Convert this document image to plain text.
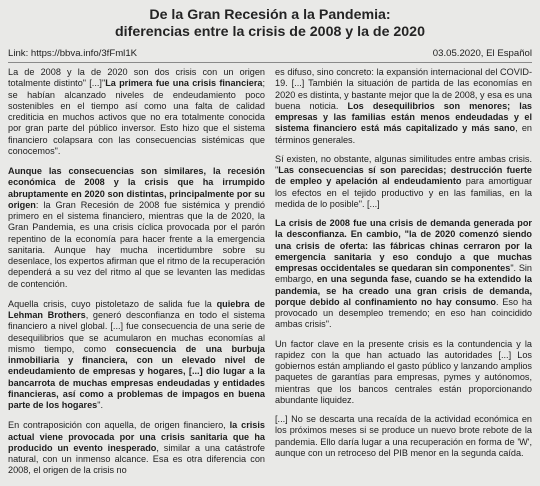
De la Gran Recesión a la Pandemia:
diferencias entre la crisis de 2008 y la de 2020
Link: https://bbva.info/3fFml1K	03.05.2020, El Español

La de 2008 y la de 2020 son dos crisis con un origen totalmente distinto" [...]"La primera fue una crisis financiera; se habían alcanzado niveles de endeudamiento poco sostenibles en el tiempo así como una falta de calidad crediticia en muchos activos que no era totalmente conocida por gran parte del público inversor. Esto hizo que el sistema financiero colapsara con las consecuencias sistémicas que conocemos".

Aunque las consecuencias son similares, la recesión económica de 2008 y la crisis que ha irrumpido abruptamente en 2020 son distintas, principalmente por su origen: la Gran Recesión de 2008 fue sistémica y prendió primero en el sistema financiero, mientras que la de 2020, la Gran Pandemia, es una crisis cíclica provocada por el parón repentino de la economía para hacer frente a la emergencia sanitaria. Aunque hay mucha incertidumbre sobre su desenlace, los expertos afirman que el ritmo de la recuperación dependerá a su vez del ritmo al que se levanten las medidas de contención.

Aquella crisis, cuyo pistoletazo de salida fue la quiebra de Lehman Brothers, generó desconfianza en todo el sistema financiero a nivel global. [...] fue consecuencia de una serie de desequilibrios que se acumularon en muchas economías al mismo tiempo, como consecuencia de una burbuja inmobiliaria y financiera, con un elevado nivel de endeudamiento de empresas y hogares, [...] dio lugar a la bancarrota de muchas empresas endeudadas y entidades financieras, así como a problemas de impagos en buena parte de los hogares".

En contraposición con aquella, de origen financiero, la crisis actual viene provocada por una crisis sanitaria que ha producido un evento inesperado, similar a una catástrofe natural, con un inmenso alcance. Esa es otra diferencia con 2008, el origen de la crisis no

es difuso, sino concreto: la expansión internacional del COVID-19. [...] También la situación de partida de las economías en 2020 es distinta, y bastante mejor que la de 2008, y esa es una buena noticia. Los desequilibrios son menores; las empresas y las familias están menos endeudadas y el sistema financiero está más capitalizado y más sano, en términos generales.

Sí existen, no obstante, algunas similitudes entre ambas crisis. "Las consecuencias sí son parecidas; destrucción fuerte de empleo y apelación al endeudamiento para amortiguar los efectos en el tejido productivo y en las familias, en la medida de lo posible". [...]

La crisis de 2008 fue una crisis de demanda generada por la desconfianza. En cambio, "la de 2020 comenzó siendo una crisis de oferta: las fábricas chinas cerraron por la emergencia sanitaria y eso condujo a que muchas empresas occidentales se quedaran sin componentes". Sin embargo, en una segunda fase, cuando se ha extendido la pandemia, se ha creado una gran crisis de demanda, porque debido al confinamiento no hay consumo. Eso ha provocado un desempleo tremendo; en eso han coincidido ambas crisis".

Un factor clave en la presente crisis es la contundencia y la rapidez con la que han actuado las autoridades [...] Los gobiernos están ampliando el gasto público y lanzando amplios paquetes de garantías para empresas, pymes y autónomos, mientras que los bancos centrales están proporcionando abundante liquidez.

[...] No se descarta una recaída de la actividad económica en los próximos meses si se produce un nuevo brote rebote de la pandemia. Ello daría lugar a una recuperación en forma de 'W', aunque con un retroceso del PIB menor en la segunda caída.
